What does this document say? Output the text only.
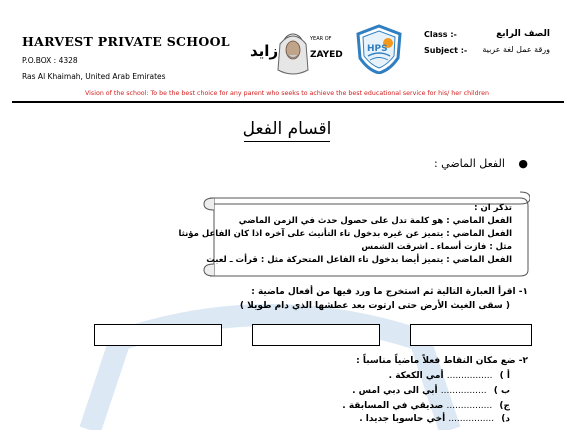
HARVEST PRIVATE SCHOOL
P.O.BOX : 4328
Ras Al Khaimah, United Arab Emirates
زايد
YEAR OF
ZAYED
HPS
Class :-
Subject :-
الصف الرابع
ورقة عمل لغة عربية
Vision of the school: To be the best choice for any parent who seeks to achieve the best educational service for his/ her children
اقسام الفعل
● الفعل الماضي :
تذكر ان :
الفعل الماضي : هو كلمة تدل على حصول حدث في الزمن الماضي
الفعل الماضي : يتميز عن غيره بدخول تاء التأنيث على آخره اذا كان الفاعل مؤنثا
مثل : فازت أسماء ـ اشرقت الشمس
الفعل الماضي : يتميز أيضا بدخول تاء الفاعل المتحركة مثل : قرأت ـ لعبت
١- اقرأ العبارة التالية ثم استخرج ما ورد فيها من أفعال ماضية :
( سقى الغيث الأرض حتى ارتوت بعد عطشها الذي دام طويلا )
٢- ضع مكان النقاط فعلاً ماضياً مناسباً :
أ ) ................ أمي الكعكة .
ب ) ................ أبي الى دبي امس .
ج) ................ صديقي في المسابقة .
د) ................ أخي حاسوبا جديدا .
